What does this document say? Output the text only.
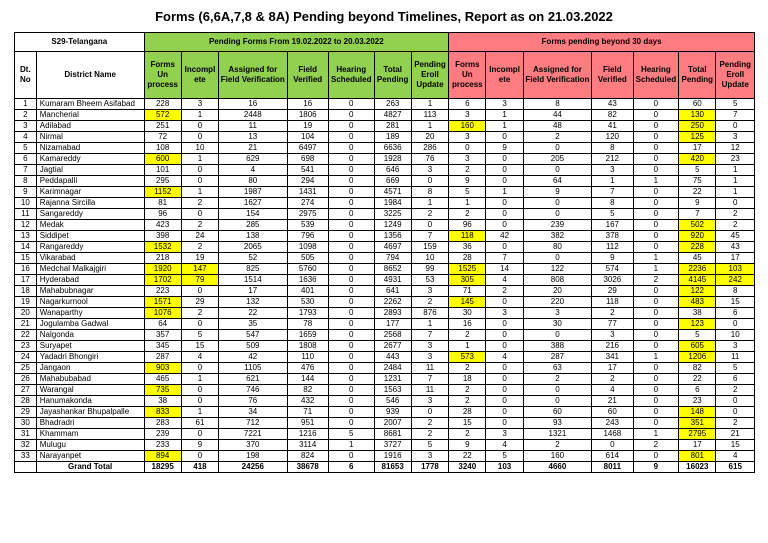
Forms (6,6A,7,8 & 8A) Pending beyond Timelines, Report as on 21.03.2022
S29-Telangana		Pending Forms From 19.02.2022 to 20.03.2022							Forms pending beyond 30 days						
Dt. No	District Name	Forms Un process	Incompl ete	Assigned for Field Verification	Field Verified	Hearing Scheduled	Total Pending	Pending Eroll Update	Forms Un process	Incompl ete	Assigned for Field Verification	Field Verified	Hearing Scheduled	Total Pending	Pending Eroll Update
1	Kumaram Bheem Asifabad	228	3	16	16	0	263	1	6	3	8	43	0	60	5
2	Mancherial	572	1	2448	1806	0	4827	113	3	1	44	82	0	130	7
3	Adilabad	251	0	11	19	0	281	1	160	1	48	41	0	250	0
4	Nirmal	72	0	13	104	0	189	20	3	0	2	120	0	125	3
5	Nizamabad	108	10	21	6497	0	6636	286	0	9	0	8	0	17	12
6	Kamareddy	600	1	629	698	0	1928	76	3	0	205	212	0	420	23
7	Jagtial	101	0	4	541	0	646	3	2	0	0	3	0	5	1
8	Peddapalli	295	0	80	294	0	669	0	9	0	64	1	1	75	1
9	Karimnagar	1152	1	1987	1431	0	4571	8	5	1	9	7	0	22	1
10	Rajanna Sircilla	81	2	1627	274	0	1984	1	1	0	0	8	0	9	0
11	Sangareddy	96	0	154	2975	0	3225	2	2	0	0	5	0	7	2
12	Medak	423	2	285	539	0	1249	0	96	0	239	167	0	502	2
13	Siddipet	398	24	138	796	0	1356	7	118	42	382	378	0	920	45
14	Rangareddy	1532	2	2065	1098	0	4697	159	36	0	80	112	0	228	43
15	Vikarabad	218	19	52	505	0	794	10	28	7	0	9	1	45	17
16	Medchal Malkajgiri	1920	147	825	5760	0	8652	99	1525	14	122	574	1	2236	103
17	Hyderabad	1702	79	1514	1636	0	4931	53	305	4	808	3026	2	4145	242
18	Mahabubnagar	223	0	17	401	0	641	3	71	2	20	29	0	122	8
19	Nagarkurnool	1571	29	132	530	0	2262	2	145	0	220	118	0	483	15
20	Wanaparthy	1076	2	22	1793	0	2893	876	30	3	3	2	0	38	6
21	Jogulamba Gadwal	64	0	35	78	0	177	1	16	0	30	77	0	123	0
22	Nalgonda	357	5	547	1659	0	2568	7	2	0	0	3	0	5	10
23	Suryapet	345	15	509	1808	0	2677	3	1	0	388	216	0	605	3
24	Yadadri Bhongiri	287	4	42	110	0	443	3	573	4	287	341	1	1206	11
25	Jangaon	903	0	1105	476	0	2484	11	2	0	63	17	0	82	5
26	Mahabubabad	465	1	621	144	0	1231	7	18	0	2	2	0	22	6
27	Warangal	735	0	746	82	0	1563	11	2	0	0	4	0	6	2
28	Hanumakonda	38	0	76	432	0	546	3	2	0	0	21	0	23	0
29	Jayashankar Bhupalpalle	833	1	34	71	0	939	0	28	0	60	60	0	148	0
30	Bhadradri	283	61	712	951	0	2007	2	15	0	93	243	0	351	2
31	Khammam	239	0	7221	1216	5	8681	2	2	3	1321	1468	1	2795	21
32	Mulugu	233	9	370	3114	1	3727	5	9	4	2	0	2	17	15
33	Narayanpet	894	0	198	824	0	1916	3	22	5	160	614	0	801	4
	Grand Total	18295	418	24256	38678	6	81653	1778	3240	103	4660	8011	9	16023	615
